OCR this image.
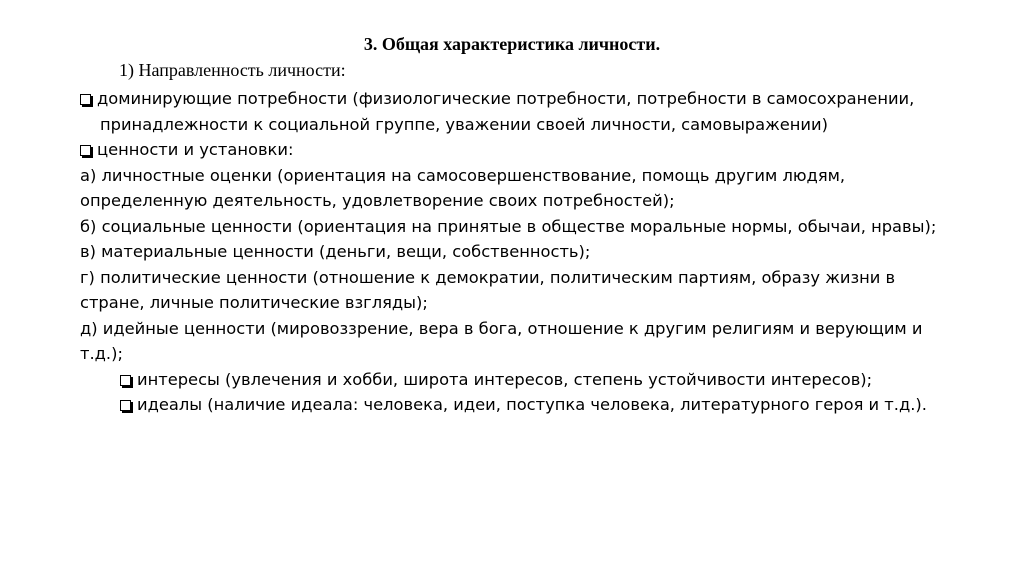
3. Общая характеристика личности.
1) Направленность личности:
доминирующие потребности (физиологические потребности, потребности в самосохранении,
принадлежности к социальной группе, уважении своей личности, самовыражении)
ценности и установки:
а) личностные оценки (ориентация на самосовершенствование, помощь другим людям,
определенную деятельность, удовлетворение своих потребностей);
б) социальные ценности (ориентация на принятые в обществе моральные нормы, обычаи, нравы);
в) материальные ценности (деньги, вещи, собственность);
г) политические ценности (отношение к демократии, политическим партиям, образу жизни в
стране, личные политические взгляды);
д) идейные ценности (мировоззрение, вера в бога, отношение к другим религиям и верующим и
т.д.);
интересы (увлечения и хобби, широта интересов, степень устойчивости интересов);
идеалы (наличие идеала: человека, идеи, поступка человека, литературного героя и т.д.).
